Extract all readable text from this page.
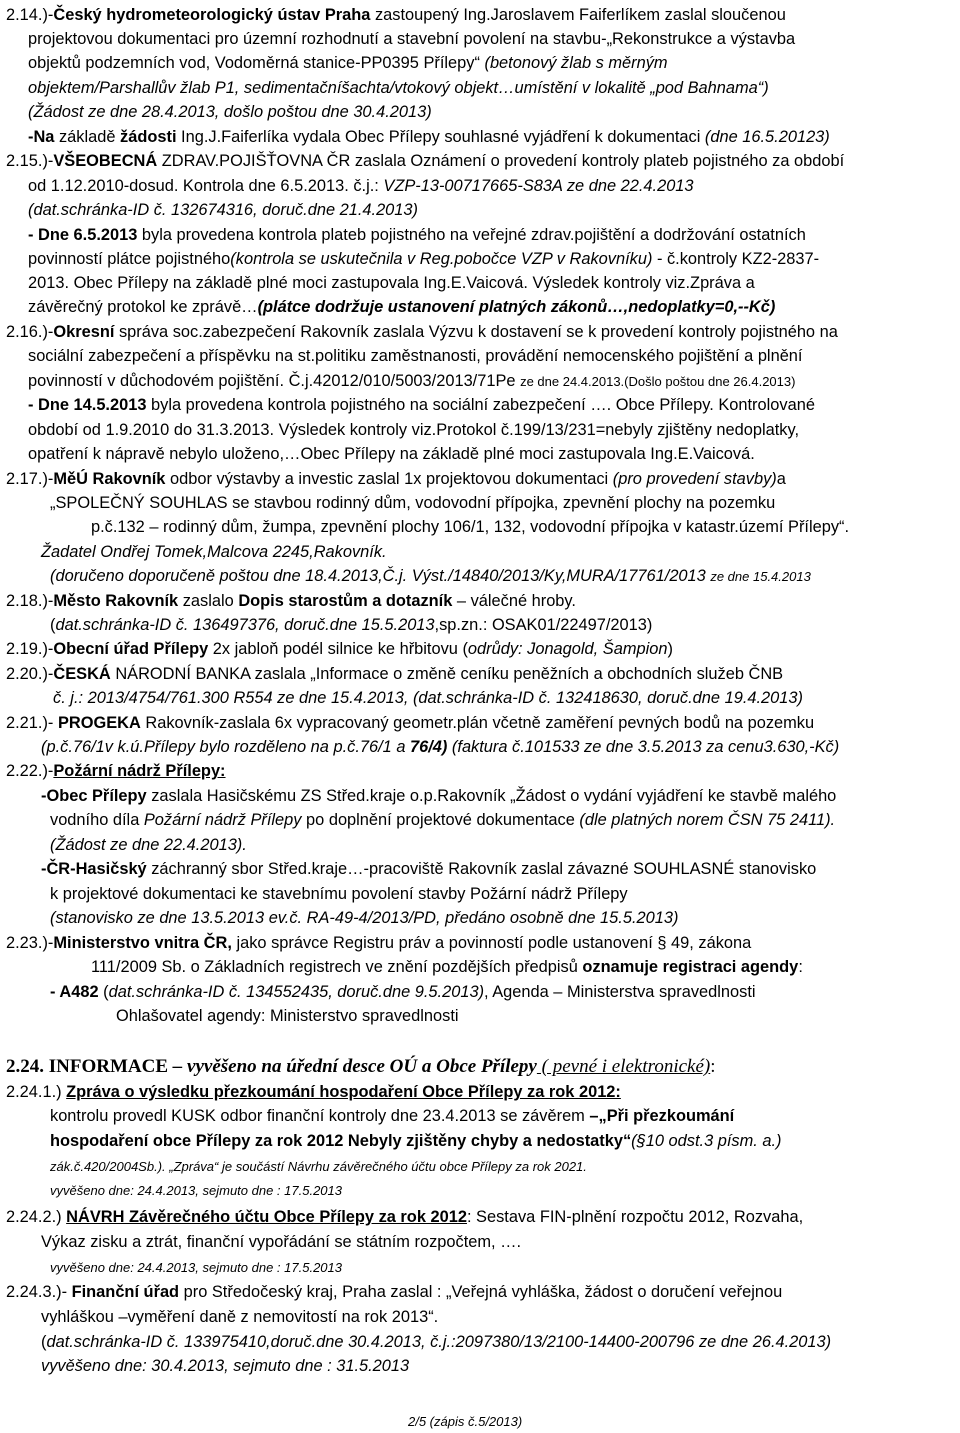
2.14.)-Český hydrometeorologický ústav Praha zastoupený Ing.Jaroslavem Faiferlíkem zaslal sloučenou
projektovou dokumentaci pro územní rozhodnutí a stavební povolení na stavbu-„Rekonstrukce a výstavba
objektů podzemních vod, Vodoměrná stanice-PP0395 Přílepy“ (betonový žlab s měrným
objektem/Parshallův žlab P1, sedimentačníšachta/vtokový objekt…umístění v lokalitě „pod Bahnama“)
(Žádost ze dne 28.4.2013, došlo poštou dne 30.4.2013)
-Na základě žádosti Ing.J.Faiferlíka vydala Obec Přílepy souhlasné vyjádření k dokumentaci (dne 16.5.20123)
2.15.)-VŠEOBECNÁ ZDRAV.POJIŠŤOVNA ČR zaslala Oznámení o provedení kontroly plateb pojistného za období
od 1.12.2010-dosud. Kontrola dne 6.5.2013. č.j.: VZP-13-00717665-S83A ze dne 22.4.2013
(dat.schránka-ID č. 132674316, doruč.dne 21.4.2013)
- Dne 6.5.2013 byla provedena kontrola plateb pojistného na veřejné zdrav.pojištění a dodržování ostatních
povinností plátce pojistného(kontrola se uskutečnila v Reg.pobočce VZP v Rakovníku) - č.kontroly KZ2-2837-
2013. Obec Přílepy na základě plné moci zastupovala Ing.E.Vaicová. Výsledek kontroly viz.Zpráva a
závěrečný protokol ke zprávě…(plátce dodržuje ustanovení platných zákonů…,nedoplatky=0,--Kč)
2.16.)-Okresní správa soc.zabezpečení Rakovník zaslala Výzvu k dostavení se k provedení kontroly pojistného na
sociální zabezpečení a příspěvku na st.politiku zaměstnanosti, provádění nemocenského pojištění a plnění
povinností v důchodovém pojištění. Č.j.42012/010/5003/2013/71Pe ze dne 24.4.2013.(Došlo poštou dne 26.4.2013)
- Dne 14.5.2013 byla provedena kontrola pojistného na sociální zabezpečení …. Obce Přílepy. Kontrolované
období od 1.9.2010 do 31.3.2013. Výsledek kontroly viz.Protokol č.199/13/231=nebyly zjištěny nedoplatky,
opatření k nápravě nebylo uloženo,…Obec Přílepy na základě plné moci zastupovala Ing.E.Vaicová.
2.17.)-MěÚ Rakovník odbor výstavby a investic zaslal 1x projektovou dokumentaci (pro provedení stavby)a
„SPOLEČNÝ SOUHLAS se stavbou rodinný dům, vodovodní přípojka, zpevnění plochy na pozemku
p.č.132 – rodinný dům, žumpa, zpevnění plochy 106/1, 132, vodovodní přípojka v katastr.území Přílepy“.
Žadatel Ondřej Tomek,Malcova 2245,Rakovník.
(doručeno doporučeně poštou dne 18.4.2013,Č.j. Výst./14840/2013/Ky,MURA/17761/2013 ze dne 15.4.2013
2.18.)-Město Rakovník zaslalo Dopis starostům a dotazník – válečné hroby.
(dat.schránka-ID č. 136497376, doruč.dne 15.5.2013,sp.zn.: OSAK01/22497/2013)
2.19.)-Obecní úřad Přílepy 2x jabloň podél silnice ke hřbitovu (odrůdy: Jonagold, Šampion)
2.20.)-ČESKÁ NÁRODNÍ BANKA zaslala „Informace o změně ceníku peněžních a obchodních služeb ČNB
č. j.: 2013/4754/761.300 R554 ze dne 15.4.2013, (dat.schránka-ID č. 132418630, doruč.dne 19.4.2013)
2.21.)- PROGEKA Rakovník-zaslala 6x vypracovaný geometr.plán včetně zaměření pevných bodů na pozemku
(p.č.76/1v k.ú.Přílepy bylo rozděleno na p.č.76/1 a 76/4) (faktura č.101533 ze dne 3.5.2013 za cenu3.630,-Kč)
2.22.)-Požární nádrž Přílepy:
-Obec Přílepy zaslala Hasičskému ZS Střed.kraje o.p.Rakovník „Žádost o vydání vyjádření ke stavbě malého
vodního díla Požární nádrž Přílepy po doplnění projektové dokumentace (dle platných norem ČSN 75 2411).
(Žádost ze dne 22.4.2013).
-ČR-Hasičský záchranný sbor Střed.kraje…-pracoviště Rakovník zaslal závazné SOUHLASNÉ stanovisko
k projektové dokumentaci ke stavebnímu povolení stavby Požární nádrž Přílepy
(stanovisko ze dne 13.5.2013 ev.č. RA-49-4/2013/PD, předáno osobně dne 15.5.2013)
2.23.)-Ministerstvo vnitra ČR, jako správce Registru práv a povinností podle ustanovení § 49, zákona
111/2009 Sb. o Základních registrech ve znění pozdějších předpisů oznamuje registraci agendy:
- A482 (dat.schránka-ID č. 134552435, doruč.dne 9.5.2013), Agenda – Ministerstva spravedlnosti
Ohlašovatel agendy: Ministerstvo spravedlnosti
2.24. INFORMACE – vyvěšeno na úřední desce OÚ a Obce Přílepy ( pevné i elektronické):
2.24.1.) Zpráva o výsledku přezkoumání hospodaření Obce Přílepy za rok 2012:
kontrolu provedl KUSK odbor finanční kontroly dne 23.4.2013 se závěrem –„Při přezkoumání
hospodaření obce Přílepy za rok 2012 Nebyly zjištěny chyby a nedostatky“(§10 odst.3 písm. a.)
zák.č.420/2004Sb.). „Zpráva“ je součástí Návrhu závěrečného účtu obce Přílepy za rok 2021.
vyvěšeno dne: 24.4.2013, sejmuto dne : 17.5.2013
2.24.2.) NÁVRH Závěrečného účtu Obce Přílepy za rok 2012: Sestava FIN-plnění rozpočtu 2012, Rozvaha,
Výkaz zisku a ztrát, finanční vypořádání se státním rozpočtem, ….
vyvěšeno dne: 24.4.2013, sejmuto dne : 17.5.2013
2.24.3.)- Finanční úřad pro Středočeský kraj, Praha zaslal : „Veřejná vyhláška, žádost o doručení veřejnou
vyhláškou –vyměření daně z nemovitostí na rok 2013“.
(dat.schránka-ID č. 133975410,doruč.dne 30.4.2013, č.j.:2097380/13/2100-14400-200796 ze dne 26.4.2013)
vyvěšeno dne: 30.4.2013, sejmuto dne : 31.5.2013
2/5 (zápis č.5/2013)
